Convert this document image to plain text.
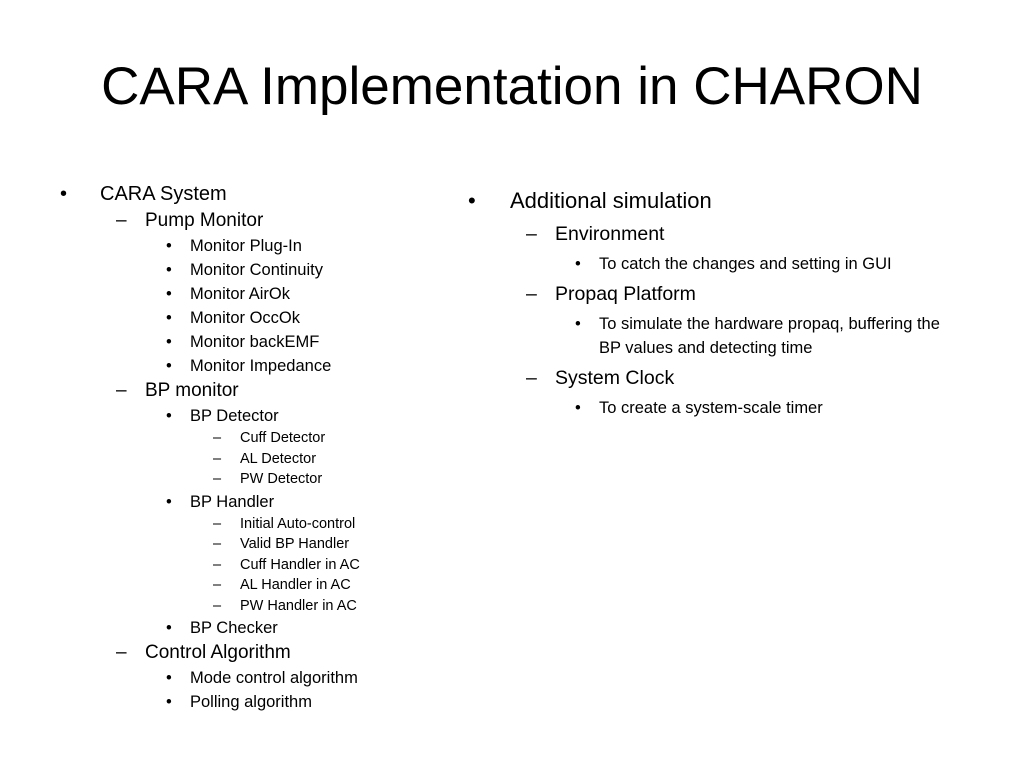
CARA Implementation in CHARON
• CARA System
– Pump Monitor
• Monitor Plug-In
• Monitor Continuity
• Monitor AirOk
• Monitor OccOk
• Monitor backEMF
• Monitor Impedance
– BP monitor
• BP Detector
– Cuff Detector
– AL Detector
– PW Detector
• BP Handler
– Initial Auto-control
– Valid BP Handler
– Cuff Handler in AC
– AL Handler in AC
– PW Handler in AC
• BP Checker
– Control Algorithm
• Mode control algorithm
• Polling algorithm
• Additional simulation
– Environment
• To catch the changes and setting in GUI
– Propaq Platform
• To simulate the hardware propaq, buffering the BP values and detecting time
– System Clock
• To create a system-scale timer
